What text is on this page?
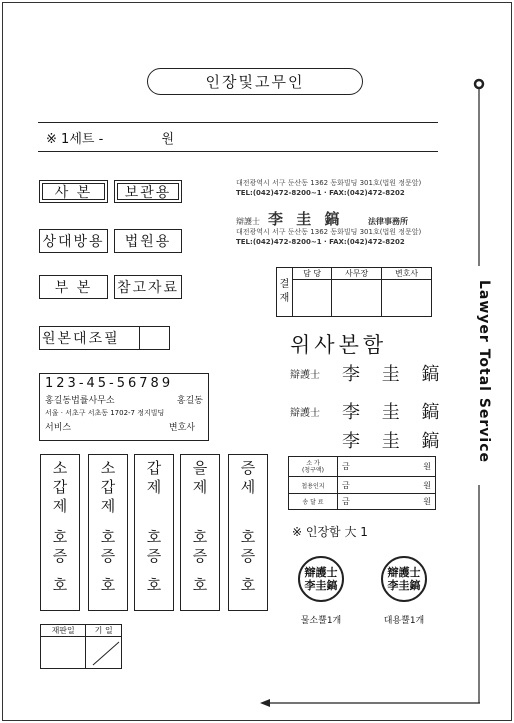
인장및고무인
※ 1세트 -	원
사 본 보관용
상대방용 법원용
부 본 참고자료
원본대조필
대전광역시 서구 둔산동 1362 동화빌딩 301호(법원 정문앞)
TEL:(042)472-8200~1 · FAX:(042)472-8202
辯護士 李 圭 鎬	法律事務所
대전광역시 서구 둔산동 1362 동화빌딩 301호(법원 정문앞)
TEL:(042)472-8200~1 · FAX:(042)472-8202
결
재	담 당	사무장	변호사

123-45-56789
홍길동법률사무소	홍길동
서울 · 서초구 서초동 1702-7 정지빌딩
서비스	변호사
위사본함
辯護士	李 圭 鎬
辯護士	李 圭 鎬
李 圭 鎬
소 가
(청구액)	금	원
첩용인지	금	원
송 달 료	금	원
소
갑
제
호
증
호
소
갑
제
호
증
호
갑
제
호
증
호
을
제
호
증
호
증
세
호
증
호
※ 인장함 大 1
辯護士
李圭鎬
辯護士
李圭鎬
물소뿔1개	대용뿔1개
재판일	기 일

Lawyer Total Service
